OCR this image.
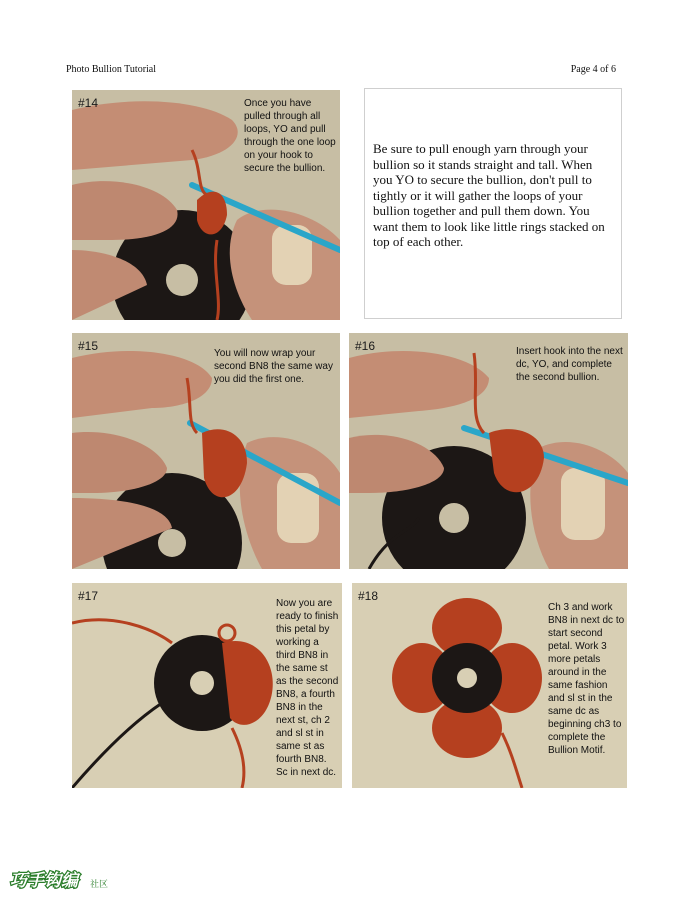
Photo Bullion Tutorial	Page 4 of 6
#14	Once you have pulled through all loops, YO and pull through the one loop on your hook to secure the bullion.
Be sure to pull enough yarn through your bullion so it stands straight and tall. When you YO to secure the bullion, don't pull to tightly or it will gather the loops of your bullion together and pull them down. You want them to look like little rings stacked on top of each other.
#15
You will now wrap your second BN8 the same way you did the first one.
#16	Insert hook into the next dc, YO, and complete the second bullion.
#17
Now you are ready to finish this petal by working a third BN8 in the same st as the second BN8, a fourth BN8 in the next st, ch 2 and sl st in same st as fourth BN8. Sc in next dc.
#18
Ch 3 and work BN8 in next dc to start second petal. Work 3 more petals around in the same fashion and sl st in the same dc as beginning ch3 to complete the Bullion Motif.
巧手钩编	社区
